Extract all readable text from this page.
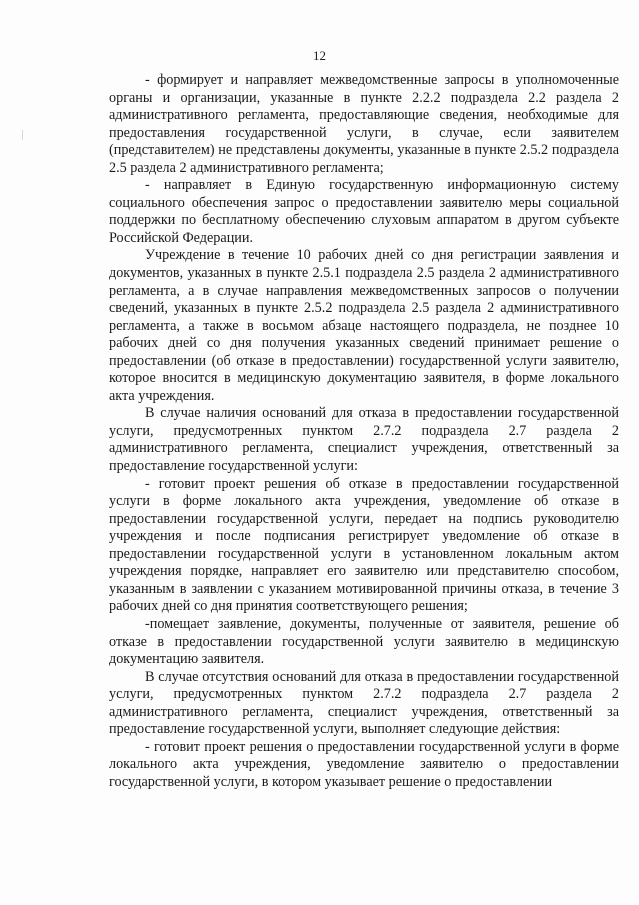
12

- формирует и направляет межведомственные запросы в уполномоченные органы и организации, указанные в пункте 2.2.2 подраздела 2.2 раздела 2 административного регламента, предоставляющие сведения, необходимые для предоставления государственной услуги, в случае, если заявителем (представителем) не представлены документы, указанные в пункте 2.5.2 подраздела 2.5 раздела 2 административного регламента;

- направляет в Единую государственную информационную систему социального обеспечения запрос о предоставлении заявителю меры социальной поддержки по бесплатному обеспечению слуховым аппаратом в другом субъекте Российской Федерации.

Учреждение в течение 10 рабочих дней со дня регистрации заявления и документов, указанных в пункте 2.5.1 подраздела 2.5 раздела 2 административного регламента, а в случае направления межведомственных запросов о получении сведений, указанных в пункте 2.5.2 подраздела 2.5 раздела 2 административного регламента, а также в восьмом абзаце настоящего подраздела, не позднее 10 рабочих дней со дня получения указанных сведений принимает решение о предоставлении (об отказе в предоставлении) государственной услуги заявителю, которое вносится в медицинскую документацию заявителя, в форме локального акта учреждения.

В случае наличия оснований для отказа в предоставлении государственной услуги, предусмотренных пунктом 2.7.2 подраздела 2.7 раздела 2 административного регламента, специалист учреждения, ответственный за предоставление государственной услуги:

- готовит проект решения об отказе в предоставлении государственной услуги в форме локального акта учреждения, уведомление об отказе в предоставлении государственной услуги, передает на подпись руководителю учреждения и после подписания регистрирует уведомление об отказе в предоставлении государственной услуги в установленном локальным актом учреждения порядке, направляет его заявителю или представителю способом, указанным в заявлении с указанием мотивированной причины отказа, в течение 3 рабочих дней со дня принятия соответствующего решения;

-помещает заявление, документы, полученные от заявителя, решение об отказе в предоставлении государственной услуги заявителю в медицинскую документацию заявителя.

В случае отсутствия оснований для отказа в предоставлении государственной услуги, предусмотренных пунктом 2.7.2 подраздела 2.7 раздела 2 административного регламента, специалист учреждения, ответственный за предоставление государственной услуги, выполняет следующие действия:

- готовит проект решения о предоставлении государственной услуги в форме локального акта учреждения, уведомление заявителю о предоставлении государственной услуги, в котором указывает решение о предоставлении
